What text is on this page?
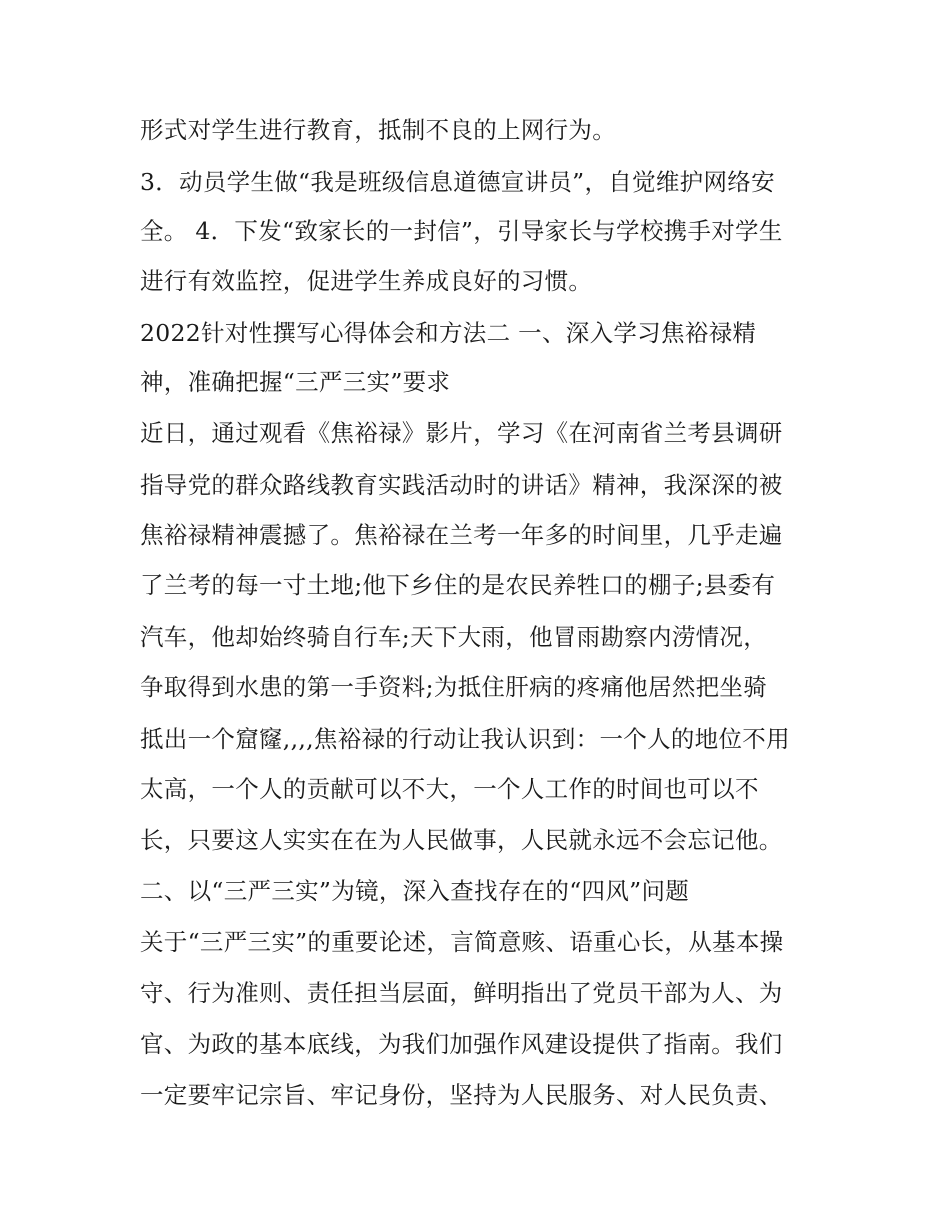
形式对学生进行教育，抵制不良的上网行为。
3．动员学生做“我是班级信息道德宣讲员”，自觉维护网络安
全。 4．下发“致家长的一封信”，引导家长与学校携手对学生
进行有效监控，促进学生养成良好的习惯。
2022针对性撰写心得体会和方法二 一、深入学习焦裕禄精
神，准确把握“三严三实”要求
近日，通过观看《焦裕禄》影片，学习《在河南省兰考县调研
指导党的群众路线教育实践活动时的讲话》精神，我深深的被
焦裕禄精神震撼了。焦裕禄在兰考一年多的时间里，几乎走遍
了兰考的每一寸土地;他下乡住的是农民养牲口的棚子;县委有
汽车，他却始终骑自行车;天下大雨，他冒雨勘察内涝情况，
争取得到水患的第一手资料;为抵住肝病的疼痛他居然把坐骑
抵出一个窟窿,,,,焦裕禄的行动让我认识到：一个人的地位不用
太高，一个人的贡献可以不大，一个人工作的时间也可以不
长，只要这人实实在在为人民做事，人民就永远不会忘记他。
二、以“三严三实”为镜，深入查找存在的“四风”问题
关于“三严三实”的重要论述，言简意赅、语重心长，从基本操
守、行为准则、责任担当层面，鲜明指出了党员干部为人、为
官、为政的基本底线，为我们加强作风建设提供了指南。我们
一定要牢记宗旨、牢记身份，坚持为人民服务、对人民负责、
